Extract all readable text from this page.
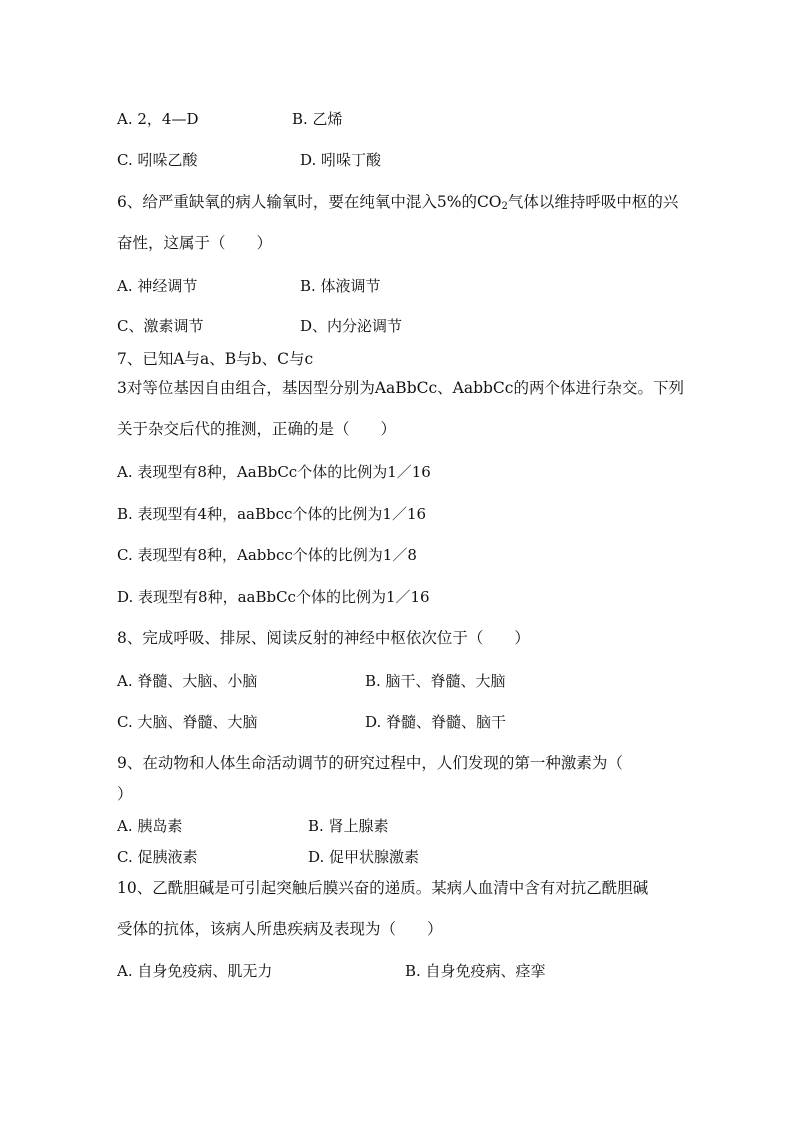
A. 2，4—D	B. 乙烯
C. 吲哚乙酸	D. 吲哚丁酸
6、给严重缺氧的病人输氧时，要在纯氧中混入5%的$CO_2$气体以维持呼吸中枢的兴
奋性，这属于（　　）
A. 神经调节	B. 体液调节
C、激素调节	D、内分泌调节
7、已知A与a、B与b、C与c
3对等位基因自由组合，基因型分别为AaBbCc、AabbCc的两个体进行杂交。下列
关于杂交后代的推测，正确的是（　　）
A. 表现型有8种，AaBbCc个体的比例为1／16
B. 表现型有4种，aaBbcc个体的比例为1／16
C. 表现型有8种，Aabbcc个体的比例为1／8
D. 表现型有8种，aaBbCc个体的比例为1／16
8、完成呼吸、排尿、阅读反射的神经中枢依次位于（　　）
A. 脊髓、大脑、小脑	B. 脑干、脊髓、大脑
C. 大脑、脊髓、大脑	D. 脊髓、脊髓、脑干
9、在动物和人体生命活动调节的研究过程中，人们发现的第一种激素为（
）
A. 胰岛素	B. 肾上腺素
C. 促胰液素	D. 促甲状腺激素
10、乙酰胆碱是可引起突触后膜兴奋的递质。某病人血清中含有对抗乙酰胆碱
受体的抗体，该病人所患疾病及表现为（　　）
A. 自身免疫病、肌无力	B. 自身免疫病、痉挛
